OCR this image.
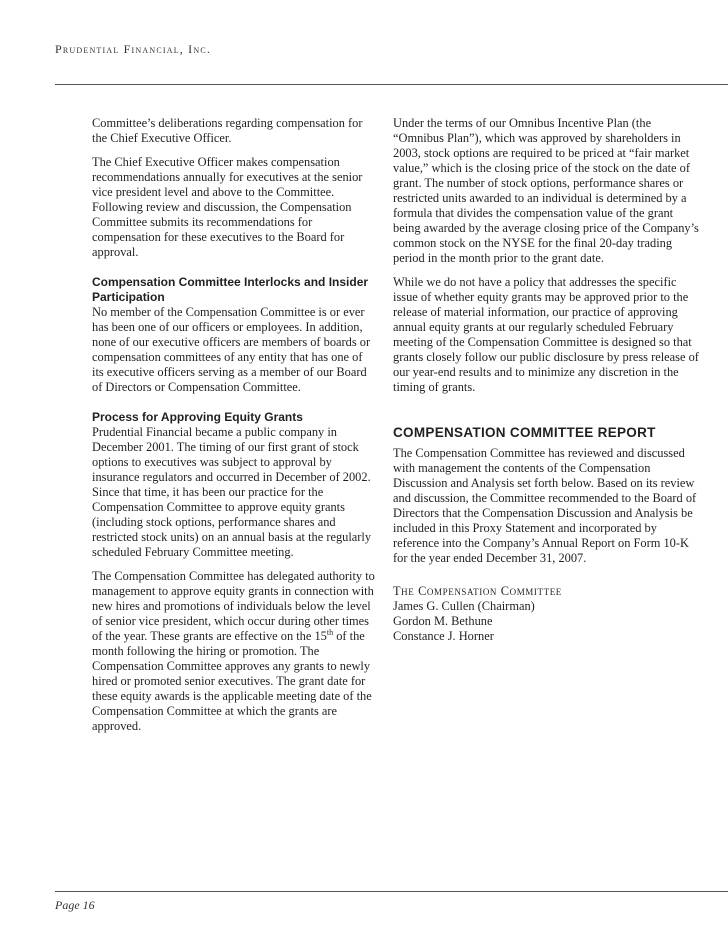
Prudential Financial, Inc.

Committee’s deliberations regarding compensation for the Chief Executive Officer.

The Chief Executive Officer makes compensation recommendations annually for executives at the senior vice president level and above to the Committee. Following review and discussion, the Compensation Committee submits its recommendations for compensation for these executives to the Board for approval.

Compensation Committee Interlocks and Insider Participation

No member of the Compensation Committee is or ever has been one of our officers or employees. In addition, none of our executive officers are members of boards or compensation committees of any entity that has one of its executive officers serving as a member of our Board of Directors or Compensation Committee.

Process for Approving Equity Grants

Prudential Financial became a public company in December 2001. The timing of our first grant of stock options to executives was subject to approval by insurance regulators and occurred in December of 2002. Since that time, it has been our practice for the Compensation Committee to approve equity grants (including stock options, performance shares and restricted stock units) on an annual basis at the regularly scheduled February Committee meeting.

The Compensation Committee has delegated authority to management to approve equity grants in connection with new hires and promotions of individuals below the level of senior vice president, which occur during other times of the year. These grants are effective on the 15th of the month following the hiring or promotion. The Compensation Committee approves any grants to newly hired or promoted senior executives. The grant date for these equity awards is the applicable meeting date of the Compensation Committee at which the grants are approved.

Under the terms of our Omnibus Incentive Plan (the “Omnibus Plan”), which was approved by shareholders in 2003, stock options are required to be priced at “fair market value,” which is the closing price of the stock on the date of grant. The number of stock options, performance shares or restricted units awarded to an individual is determined by a formula that divides the compensation value of the grant being awarded by the average closing price of the Company’s common stock on the NYSE for the final 20-day trading period in the month prior to the grant date.

While we do not have a policy that addresses the specific issue of whether equity grants may be approved prior to the release of material information, our practice of approving annual equity grants at our regularly scheduled February meeting of the Compensation Committee is designed so that grants closely follow our public disclosure by press release of our year-end results and to minimize any discretion in the timing of grants.

COMPENSATION COMMITTEE REPORT

The Compensation Committee has reviewed and discussed with management the contents of the Compensation Discussion and Analysis set forth below. Based on its review and discussion, the Committee recommended to the Board of Directors that the Compensation Discussion and Analysis be included in this Proxy Statement and incorporated by reference into the Company’s Annual Report on Form 10-K for the year ended December 31, 2007.

The Compensation Committee
James G. Cullen (Chairman)
Gordon M. Bethune
Constance J. Horner
Page 16
